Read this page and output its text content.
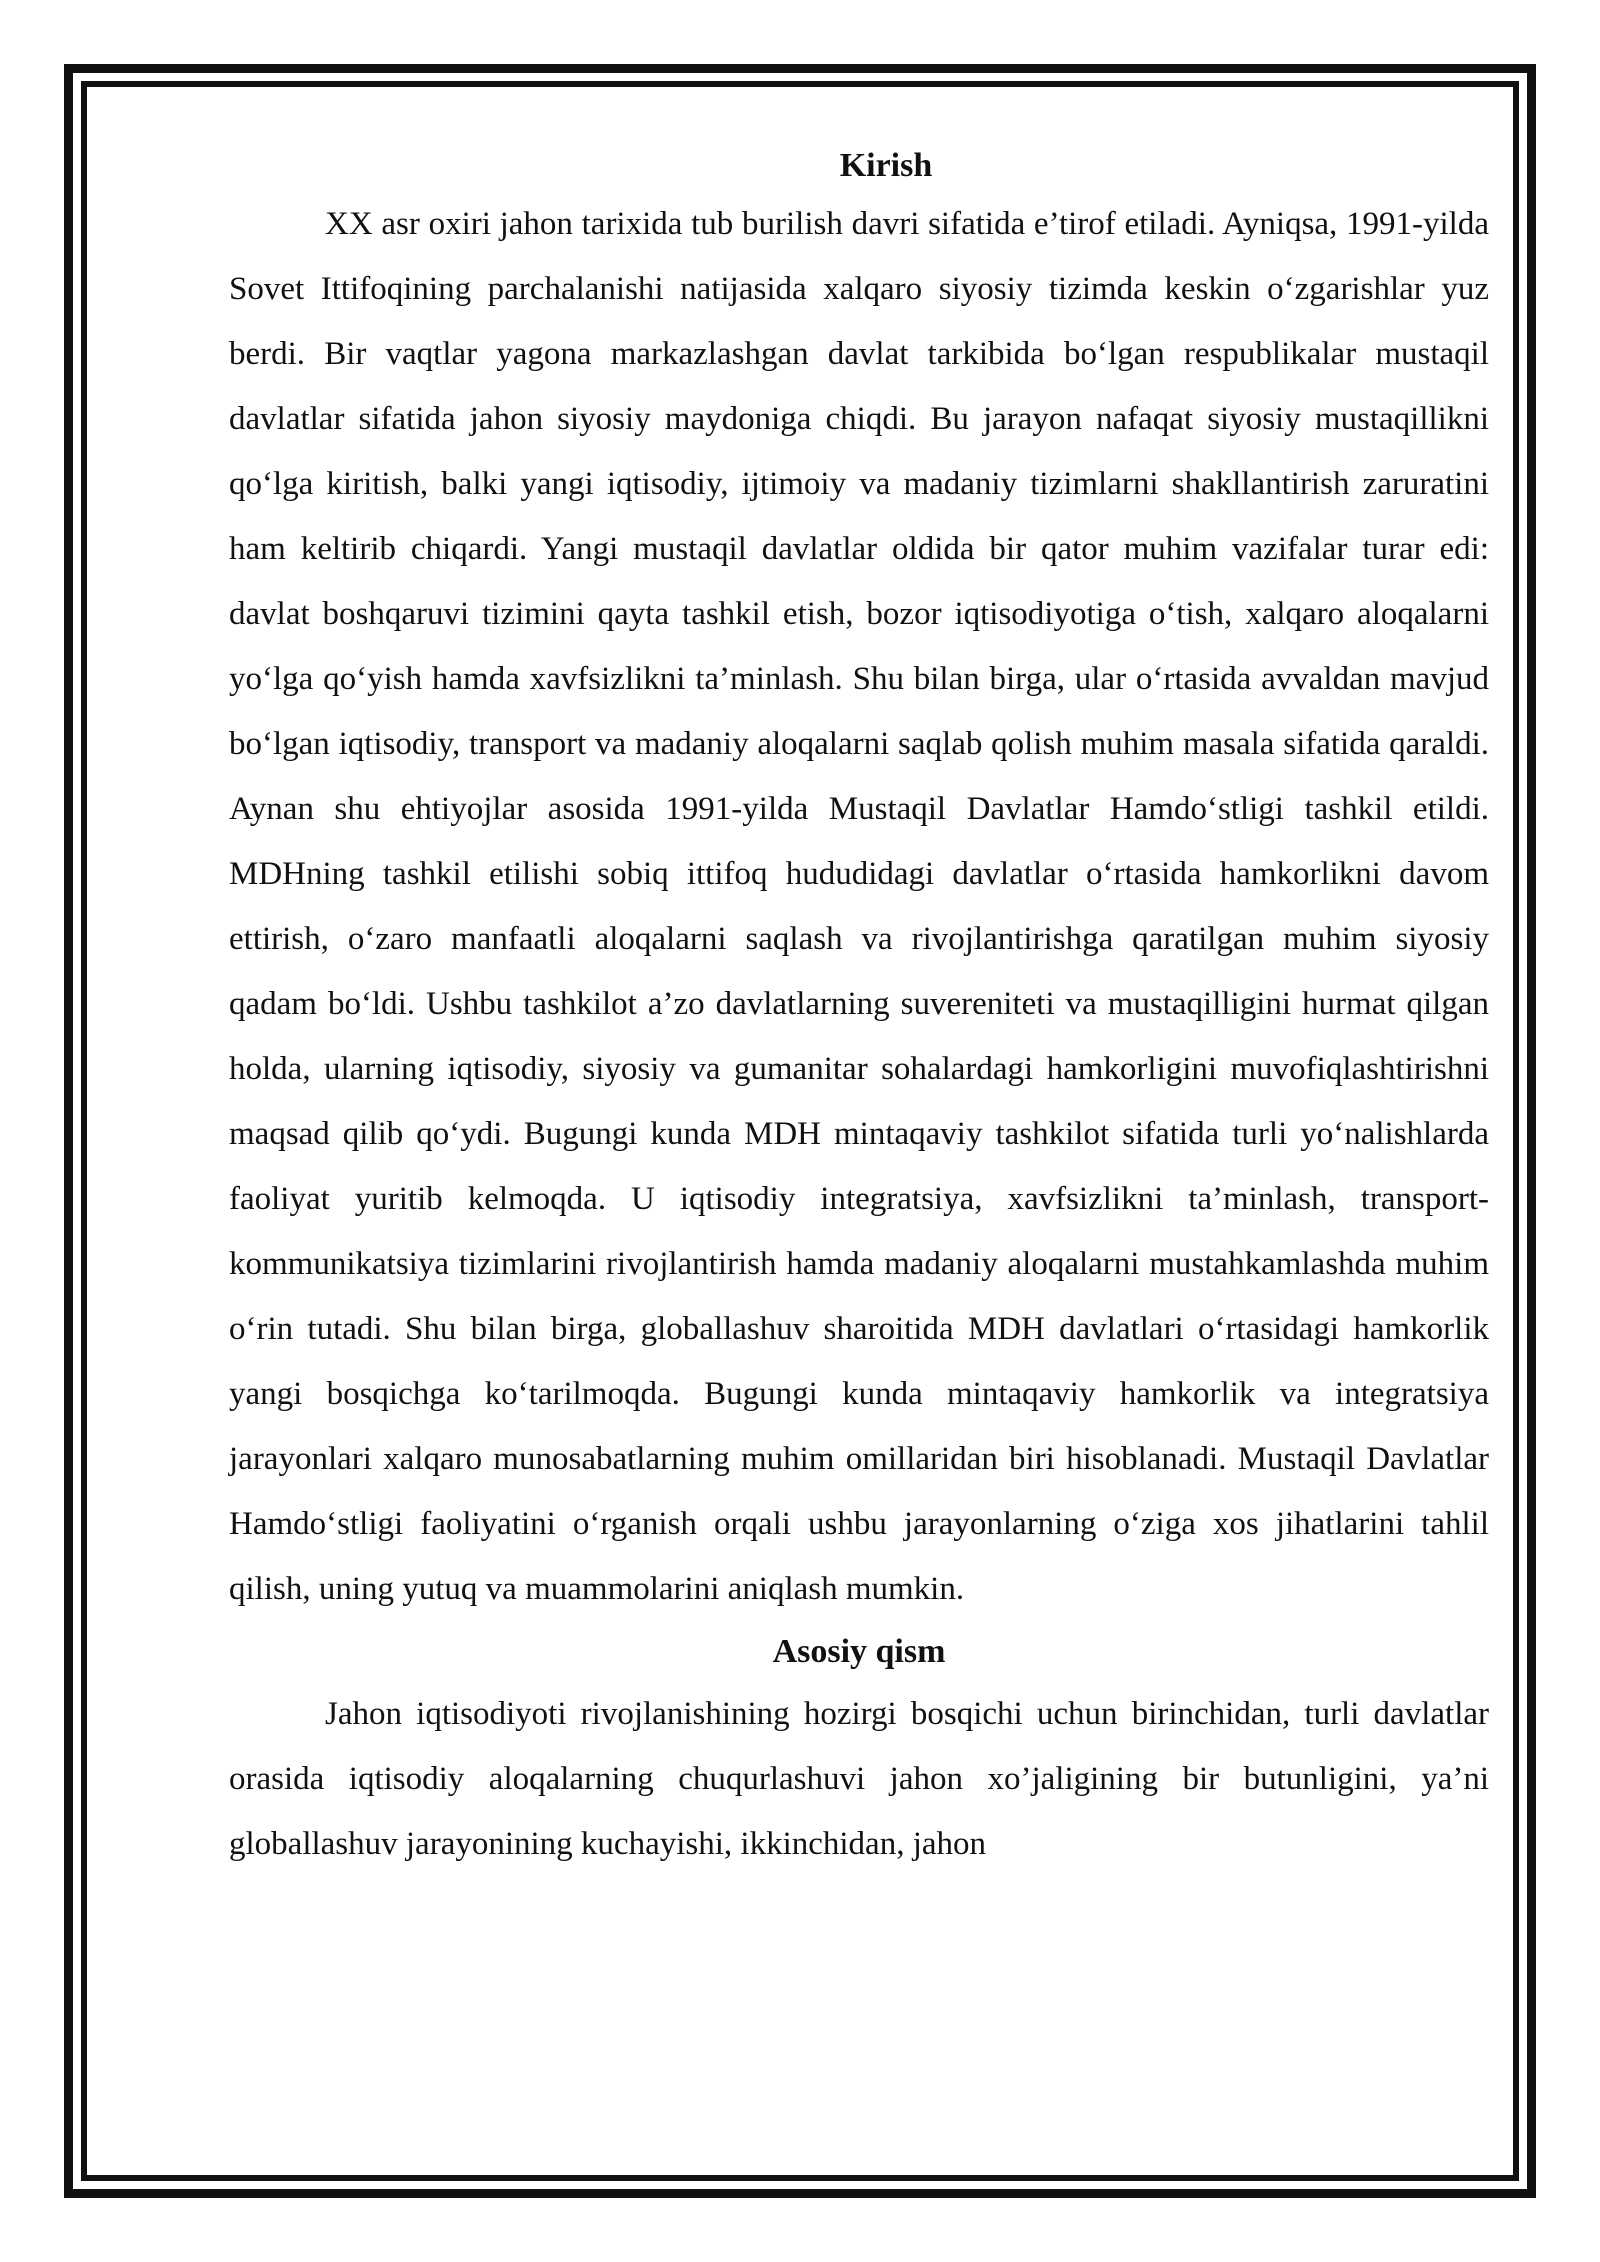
Kirish

XX asr oxiri jahon tarixida tub burilish davri sifatida e’tirof etiladi. Ayniqsa, 1991-yilda Sovet Ittifoqining parchalanishi natijasida xalqaro siyosiy tizimda keskin o‘zgarishlar yuz berdi. Bir vaqtlar yagona markazlashgan davlat tarkibida bo‘lgan respublikalar mustaqil davlatlar sifatida jahon siyosiy maydoniga chiqdi. Bu jarayon nafaqat siyosiy mustaqillikni qo‘lga kiritish, balki yangi iqtisodiy, ijtimoiy va madaniy tizimlarni shakllantirish zaruratini ham keltirib chiqardi. Yangi mustaqil davlatlar oldida bir qator muhim vazifalar turar edi: davlat boshqaruvi tizimini qayta tashkil etish, bozor iqtisodiyotiga o‘tish, xalqaro aloqalarni yo‘lga qo‘yish hamda xavfsizlikni ta’minlash. Shu bilan birga, ular o‘rtasida avvaldan mavjud bo‘lgan iqtisodiy, transport va madaniy aloqalarni saqlab qolish muhim masala sifatida qaraldi. Aynan shu ehtiyojlar asosida 1991-yilda Mustaqil Davlatlar Hamdo‘stligi tashkil etildi. MDHning tashkil etilishi sobiq ittifoq hududidagi davlatlar o‘rtasida hamkorlikni davom ettirish, o‘zaro manfaatli aloqalarni saqlash va rivojlantirishga qaratilgan muhim siyosiy qadam bo‘ldi. Ushbu tashkilot a’zo davlatlarning suvereniteti va mustaqilligini hurmat qilgan holda, ularning iqtisodiy, siyosiy va gumanitar sohalardagi hamkorligini muvofiqlashtirishni maqsad qilib qo‘ydi. Bugungi kunda MDH mintaqaviy tashkilot sifatida turli yo‘nalishlarda faoliyat yuritib kelmoqda. U iqtisodiy integratsiya, xavfsizlikni ta’minlash, transport-kommunikatsiya tizimlarini rivojlantirish hamda madaniy aloqalarni mustahkamlashda muhim o‘rin tutadi. Shu bilan birga, globallashuv sharoitida MDH davlatlari o‘rtasidagi hamkorlik yangi bosqichga ko‘tarilmoqda. Bugungi kunda mintaqaviy hamkorlik va integratsiya jarayonlari xalqaro munosabatlarning muhim omillaridan biri hisoblanadi. Mustaqil Davlatlar Hamdo‘stligi faoliyatini o‘rganish orqali ushbu jarayonlarning o‘ziga xos jihatlarini tahlil qilish, uning yutuq va muammolarini aniqlash mumkin.

Asosiy qism

Jahon iqtisodiyoti rivojlanishining hozirgi bosqichi uchun birinchidan, turli davlatlar orasida iqtisodiy aloqalarning chuqurlashuvi jahon xo’jaligining bir butunligini, ya’ni globallashuv jarayonining kuchayishi, ikkinchidan, jahon
